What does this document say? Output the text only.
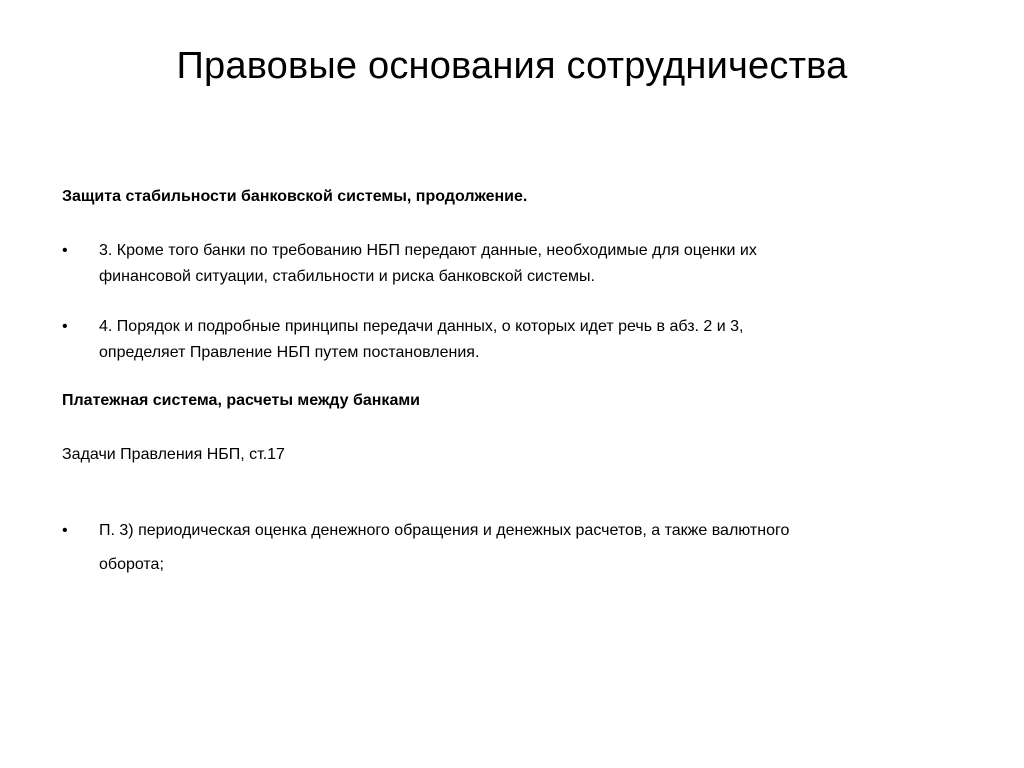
Правовые основания сотрудничества

Защита стабильности банковской системы, продолжение.

•	3. Кроме того банки по требованию НБП передают данные, необходимые для оценки их
финансовой ситуации, стабильности и риска банковской системы.
•	4. Порядок и подробные принципы передачи данных, о которых идет речь в абз. 2 и 3,
определяет Правление НБП путем постановления.

Платежная система, расчеты между банками

Задачи Правления НБП, ст.17

•	П. 3) периодическая оценка денежного обращения и денежных расчетов, а также валютного
оборота;
